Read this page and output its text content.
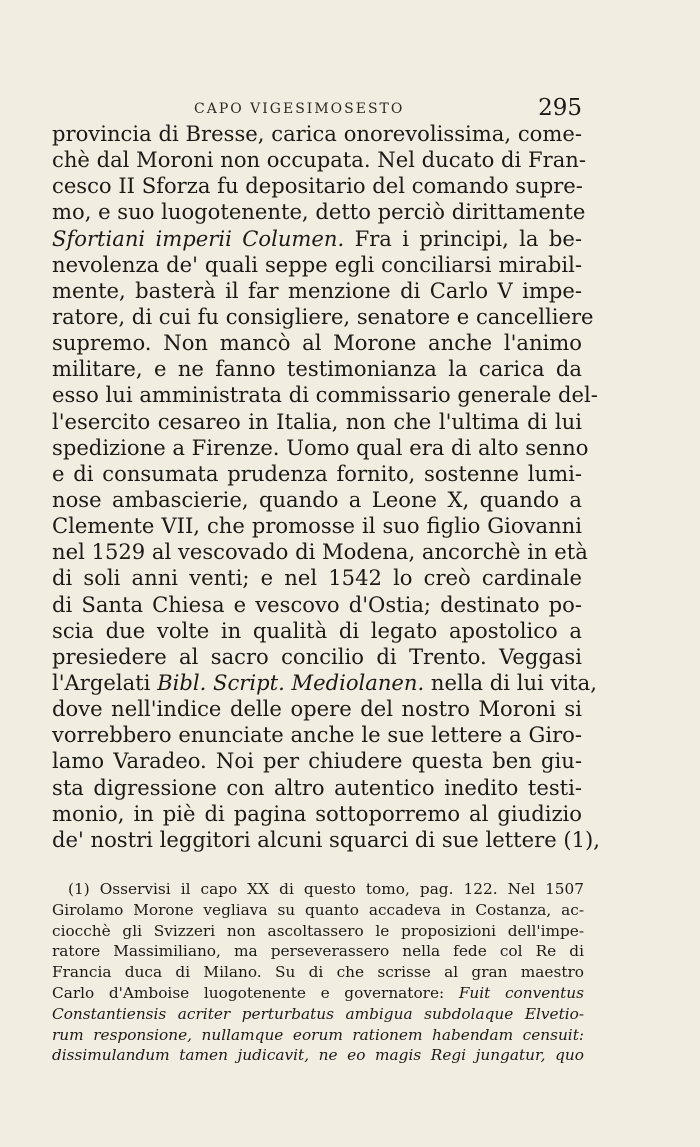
CAPO VIGESIMOSESTO	295
provincia di Bresse, carica onorevolissima, come-
chè dal Moroni non occupata. Nel ducato di Fran-
cesco II Sforza fu depositario del comando supre-
mo, e suo luogotenente, detto perciò dirittamente
Sfortiani imperii Columen. Fra i principi, la be-
nevolenza de' quali seppe egli conciliarsi mirabil-
mente, basterà il far menzione di Carlo V impe-
ratore, di cui fu consigliere, senatore e cancelliere
supremo. Non mancò al Morone anche l'animo
militare, e ne fanno testimonianza la carica da
esso lui amministrata di commissario generale del-
l'esercito cesareo in Italia, non che l'ultima di lui
spedizione a Firenze. Uomo qual era di alto senno
e di consumata prudenza fornito, sostenne lumi-
nose ambascierie, quando a Leone X, quando a
Clemente VII, che promosse il suo figlio Giovanni
nel 1529 al vescovado di Modena, ancorchè in età
di soli anni venti; e nel 1542 lo creò cardinale
di Santa Chiesa e vescovo d'Ostia; destinato po-
scia due volte in qualità di legato apostolico a
presiedere al sacro concilio di Trento. Veggasi
l'Argelati Bibl. Script. Mediolanen. nella di lui vita,
dove nell'indice delle opere del nostro Moroni si
vorrebbero enunciate anche le sue lettere a Giro-
lamo Varadeo. Noi per chiudere questa ben giu-
sta digressione con altro autentico inedito testi-
monio, in piè di pagina sottoporremo al giudizio
de' nostri leggitori alcuni squarci di sue lettere (1),
(1) Osservisi il capo XX di questo tomo, pag. 122. Nel 1507
Girolamo Morone vegliava su quanto accadeva in Costanza, ac-
ciocchè gli Svizzeri non ascoltassero le proposizioni dell'impe-
ratore Massimiliano, ma perseverassero nella fede col Re di
Francia duca di Milano. Su di che scrisse al gran maestro
Carlo d'Amboise luogotenente e governatore: Fuit conventus
Constantiensis acriter perturbatus ambigua subdolaque Elvetio-
rum responsione, nullamque eorum rationem habendam censuit:
dissimulandum tamen judicavit, ne eo magis Regi jungatur, quo
